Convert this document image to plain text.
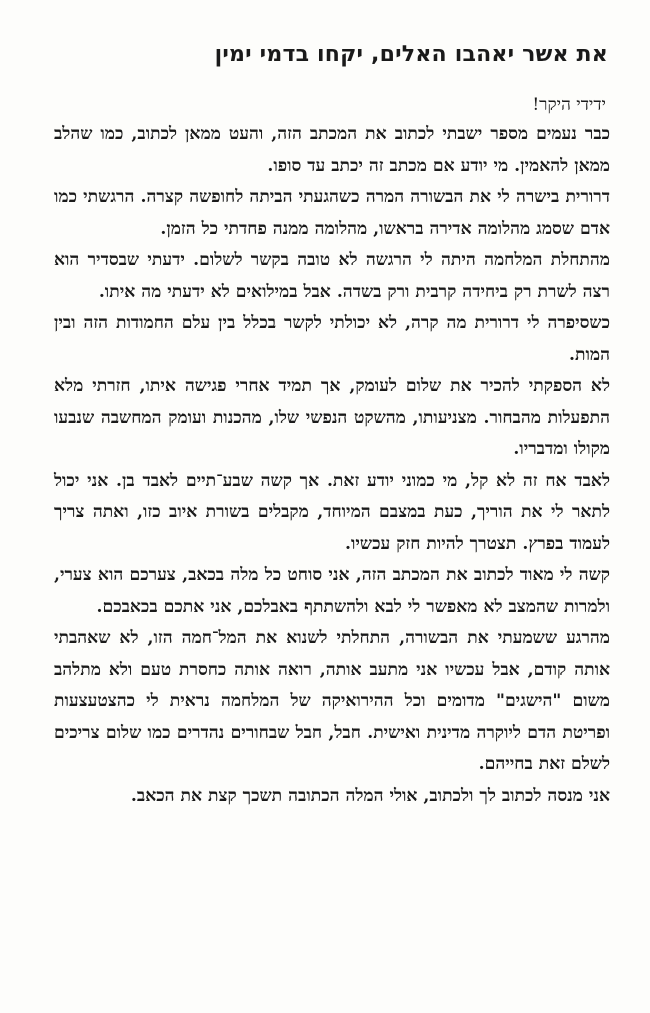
את אשר יאהבו האלים, יקחו בדמי ימין

ידידי היקר!

כבר נעמים מספר ישבתי לכתוב את המכתב הזה, והעט ממאן לכתוב, כמו שהלב ממאן להאמין. מי יודע אם מכתב זה יכתב עד סופו.

דרורית בישרה לי את הבשורה המרה כשהגעתי הביתה לחופשה קצרה. הרגשתי כמו אדם שסמג מהלומה אדירה בראשו, מהלומה ממנה פחדתי כל הזמן.

מהתחלת המלחמה היתה לי הרגשה לא טובה בקשר לשלום. ידעתי שבסדיר הוא רצה לשרת רק ביחידה קרבית ורק בשדה. אבל במילואים לא ידעתי מה איתו.

כשסיפרה לי דרורית מה קרה, לא יכולתי לקשר בכלל בין עלם החמודות הזה ובין המות.

לא הספקתי להכיר את שלום לעומק, אך תמיד אחרי פגישה איתו, חזרתי מלא התפעלות מהבחור. מצניעותו, מהשקט הנפשי שלו, מהכנות ועומק המחשבה שנבעו מקולו ומדבריו.

לאבד אח זה לא קל, מי כמוני יודע זאת. אך קשה שבע־תיים לאבד בן. אני יכול לתאר לי את הוריך, כעת במצבם המיוחד, מקבלים בשורת איוב כזו, ואתה צריך לעמוד בפרץ. תצטרך להיות חזק עכשיו.

קשה לי מאוד לכתוב את המכתב הזה, אני סוחט כל מלה בכאב, צערכם הוא צערי, ולמרות שהמצב לא מאפשר לי לבא ולהשתתף באבלכם, אני אתכם בכאבכם.

מהרגע ששמעתי את הבשורה, התחלתי לשנוא את המל־חמה הזו, לא שאהבתי אותה קודם, אבל עכשיו אני מתעב אותה, רואה אותה כחסרת טעם ולא מתלהב משום "הישגים" מדומים וכל ההירואיקה של המלחמה נראית לי כהצטעצעות ופריטת הדם ליוקרה מדינית ואישית. חבל, חבל שבחורים נהדרים כמו שלום צריכים לשלם זאת בחייהם.

אני מנסה לכתוב לך ולכתוב, אולי המלה הכתובה תשכך קצת את הכאב.
